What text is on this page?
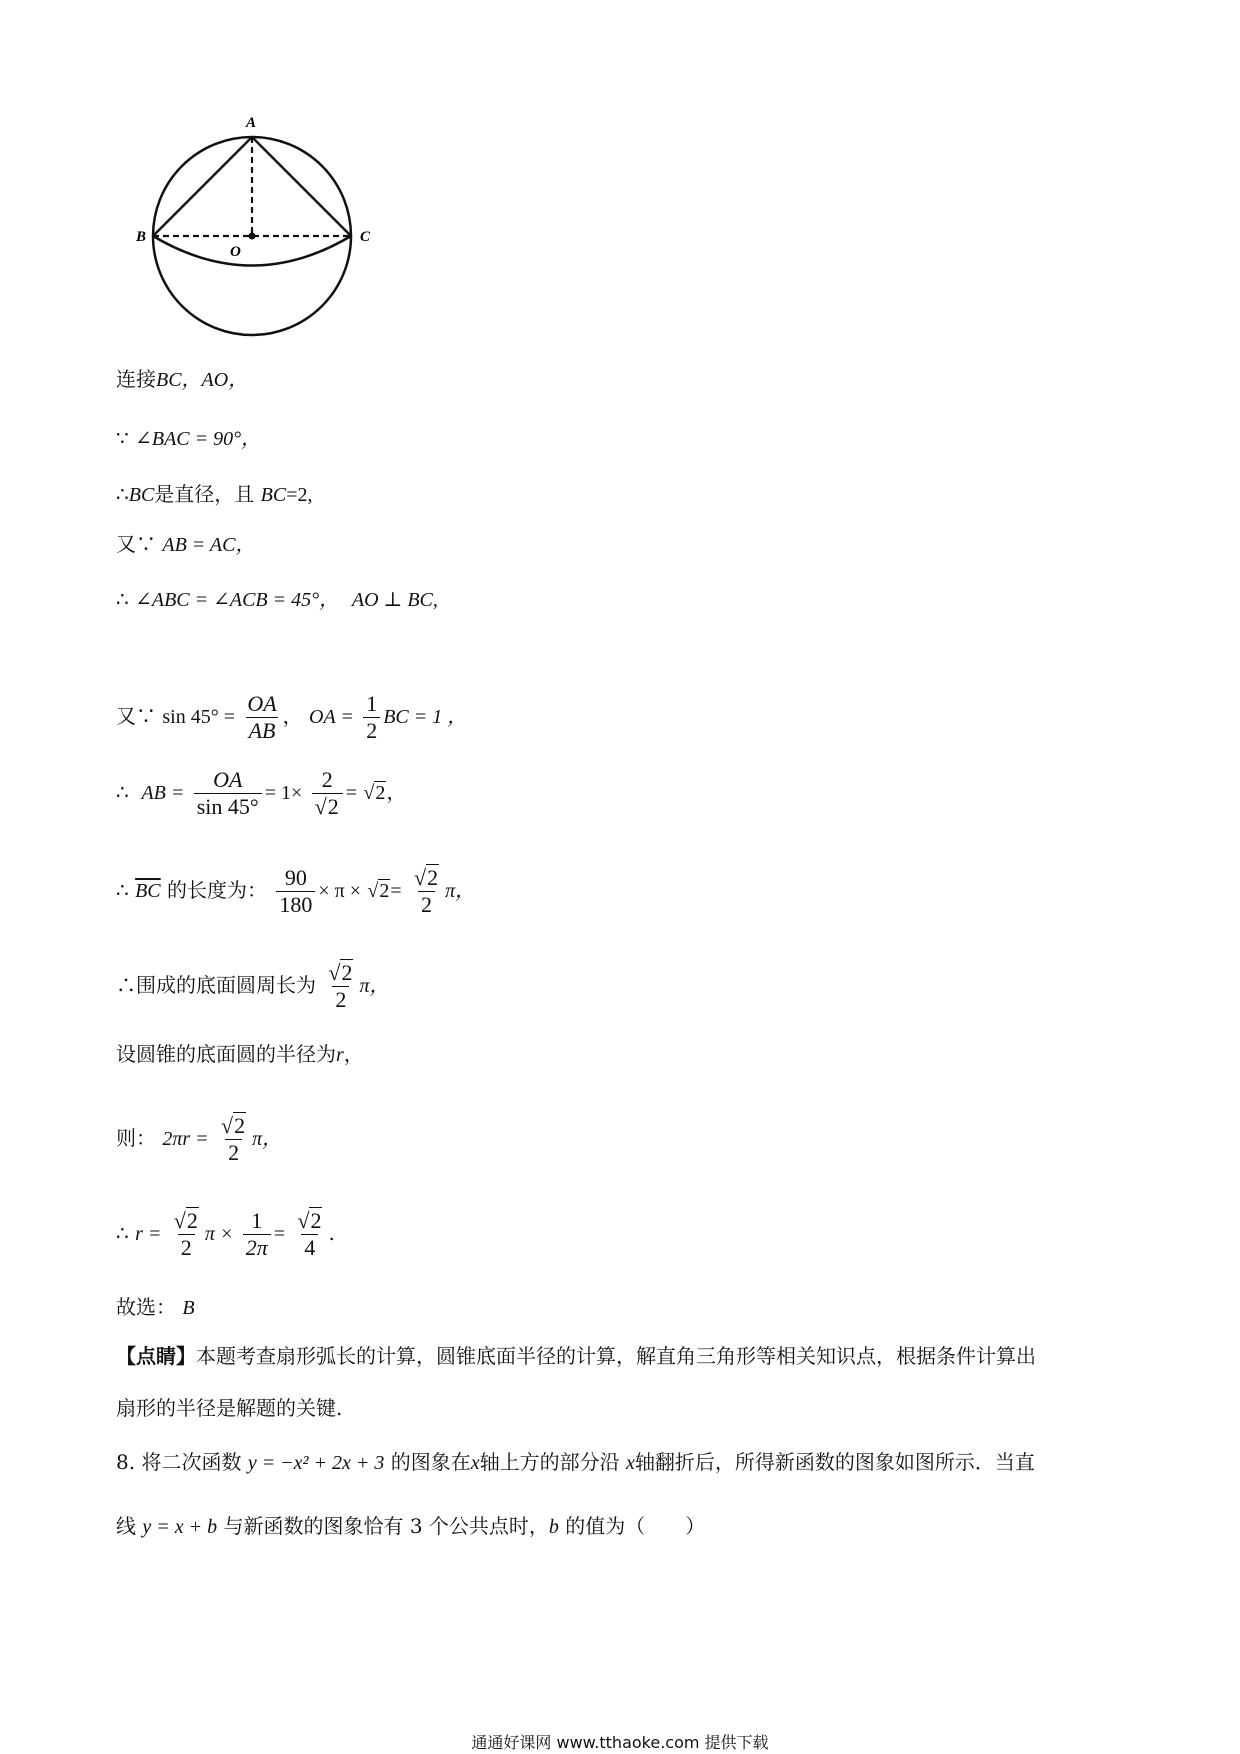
A
B	C
O
连接BC，AO，
∵ ∠BAC = 90°，
∴BC是直径，且 BC=2,
又∵ AB = AC，
∴ ∠ABC = ∠ACB = 45°， AO ⊥ BC,
又∵ $\sin 45^\circ = \frac{OA}{AB}$ ， OA = $\frac{1}{2}$ BC = 1 ，
∴ AB = $\frac{OA}{\sin 45^\circ} = 1\times \frac{2}{√2} = √2$，
∴ $\overline{BC}$ 的长度为： $\frac{90}{180} \times \pi \times √2= \frac{√2}{2}$ π，
∴围成的底面圆周长为 $\frac{√2}{2}$ π，
设圆锥的底面圆的半径为r，
则： $2\pi r = \frac{√2}{2}$ π，
∴ $r = \frac{√2}{2}$ $\pi \times \frac{1}{2\pi} = \frac{√2}{4}$ .
故选： B
【点睛】本题考查扇形弧长的计算，圆锥底面半径的计算，解直角三角形等相关知识点，根据条件计算出
扇形的半径是解题的关键.
8. 将二次函数 y = −x² + 2x + 3 的图象在x轴上方的部分沿 x轴翻折后，所得新函数的图象如图所示．当直
线 y = x + b 与新函数的图象恰有 3 个公共点时，b 的值为（　　）
通通好课网 www.tthaoke.com 提供下载
